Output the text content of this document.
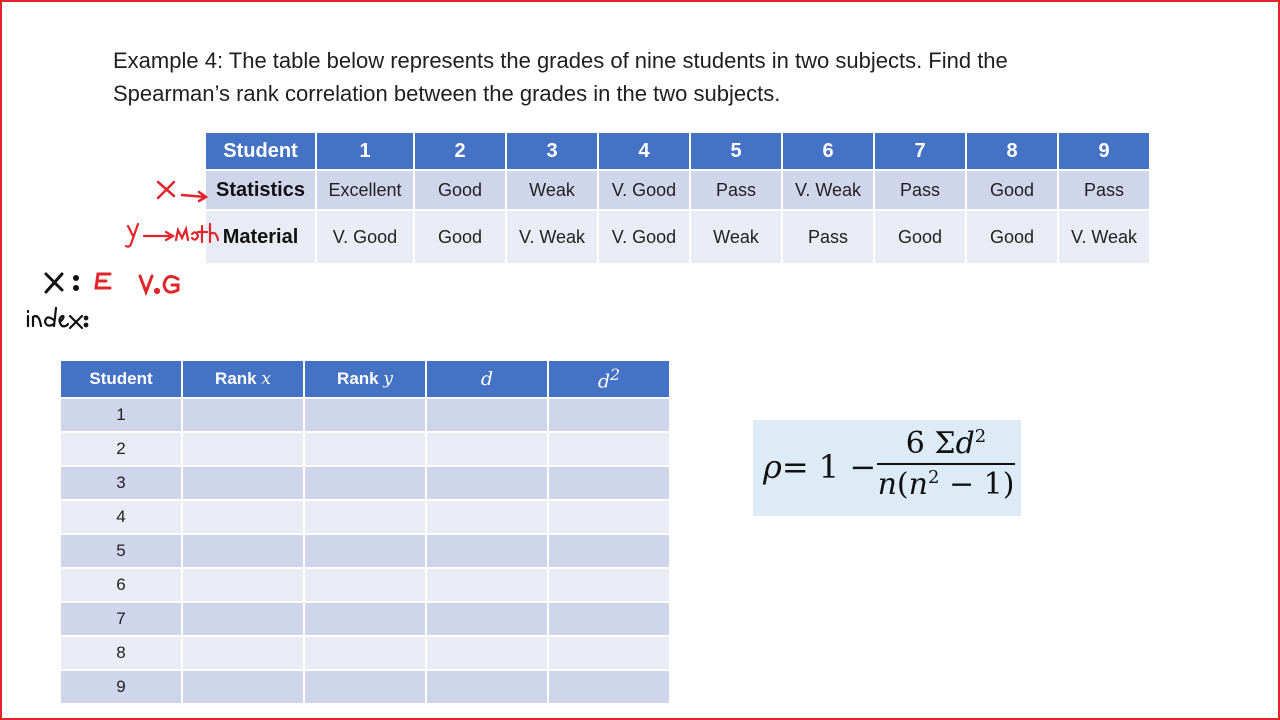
Example 4: The table below represents the grades of nine students in two subjects. Find the
Spearman’s rank correlation between the grades in the two subjects.
Student	1	2	3	4	5	6	7	8	9
Statistics	Excellent	Good	Weak	V. Good	Pass	V. Weak	Pass	Good	Pass
Material	V. Good	Good	V. Weak	V. Good	Weak	Pass	Good	Good	V. Weak
Student	Rank x	Rank y	d	$d^2$
1				
2				
3				
4				
5				
6				
7				
8				
9				
$\rho= 1 - \frac{6 \Sigma d^2}{n(n^2 - 1)}$
